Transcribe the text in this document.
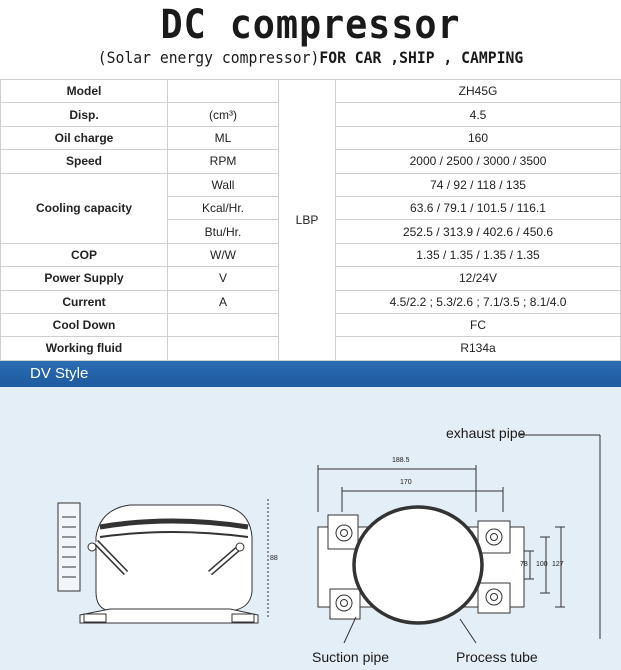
DC compressor
(Solar energy compressor)FOR CAR ,SHIP , CAMPING
Model		LBP	ZH45G
Disp.	(cm³)		4.5
Oil charge	ML		160
Speed	RPM		2000 / 2500 / 3000 / 3500
Cooling capacity	Wall		74 / 92 / 118 / 135
	Kcal/Hr.		63.6 / 79.1 / 101.5 / 116.1
	Btu/Hr.		252.5 / 313.9 / 402.6 / 450.6
COP	W/W		1.35 / 1.35 / 1.35 / 1.35
Power Supply	V		12/24V
Current	A		4.5/2.2 ; 5.3/2.6 ; 7.1/3.5 ; 8.1/4.0
Cool Down			FC
Working fluid			R134a
DV Style
exhaust pipe
Suction pipe	Process tube
188.5
170
78 100 127
88
